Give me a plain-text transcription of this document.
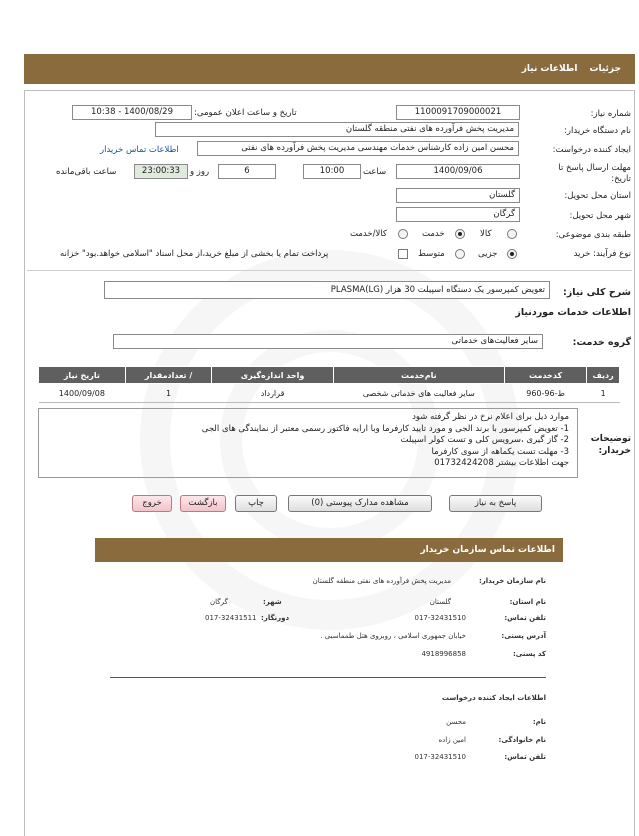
جزئیات
اطلاعات نیاز
شماره نیاز:
1100091709000021
تاریخ و ساعت اعلان عمومی:
1400/08/29 - 10:38
نام دستگاه خریدار:
مدیریت پخش فرآورده های نفتی منطقه گلستان
ایجاد کننده درخواست:
محسن امین زاده کارشناس خدمات مهندسی مدیریت پخش فرآورده های نفتی
اطلاعات تماس خریدار
مهلت ارسال پاسخ تا تاریخ:
1400/09/06
ساعت
10:00
6
روز و
23:00:33
ساعت باقی‌مانده
استان محل تحویل:
گلستان
شهر محل تحویل:
گرگان
طبقه بندی موضوعی:
کالا
خدمت
کالا/خدمت
نوع فرآیند: خرید
جزیی
متوسط
پرداخت تمام یا بخشی از مبلغ خرید،از محل اسناد "اسلامی خواهد.بود" خزانه
شرح کلی نیاز:
تعویض کمپرسور یک دستگاه اسپیلت 30 هزار (LG)PLASMA
اطلاعات خدمات موردنیاز
گروه خدمت:
سایر فعالیت‌های خدماتی
ردیف	کدخدمت	نام‌خدمت	واحد اندازه‌گیری	/ تعداد‌مقدار	تاریخ نیاز
1	ط-96-960	سایر فعالیت های خدماتی شخصی	قرارداد	1	1400/09/08
توضیحات خریدار:
موارد ذیل برای اعلام نرخ در نظر گرفته شود
1- تعویض کمپرسور با برند الجی و مورد تایید کارفرما وبا ارایه فاکتور رسمی معتبر از نمایندگی های الجی
2- گاز گیری ،سرویس کلی و تست کولر اسپیلت
3- مهلت تست یکماهه از سوی کارفرما
جهت اطلاعات بیشتر 01732424208
پاسخ به نیاز
مشاهده مدارک پیوستی (0)
چاپ
بازگشت
خروج
اطلاعات تماس سازمان خریدار
نام سازمان خریدار:
مدیریت پخش فرآورده های نفتی منطقه گلستان
نام استان:
گلستان
شهر:
گرگان
تلفن تماس:
017-32431510
دورنگار:
017-32431511
آدرس پستی:
خیابان جمهوری اسلامی ، روبروی هتل طمماسبی .
کد پستی:
4918996858
اطلاعات ایجاد کننده درخواست
نام:
محسن
نام خانوادگی:
امین زاده
تلفن تماس:
017-32431510
